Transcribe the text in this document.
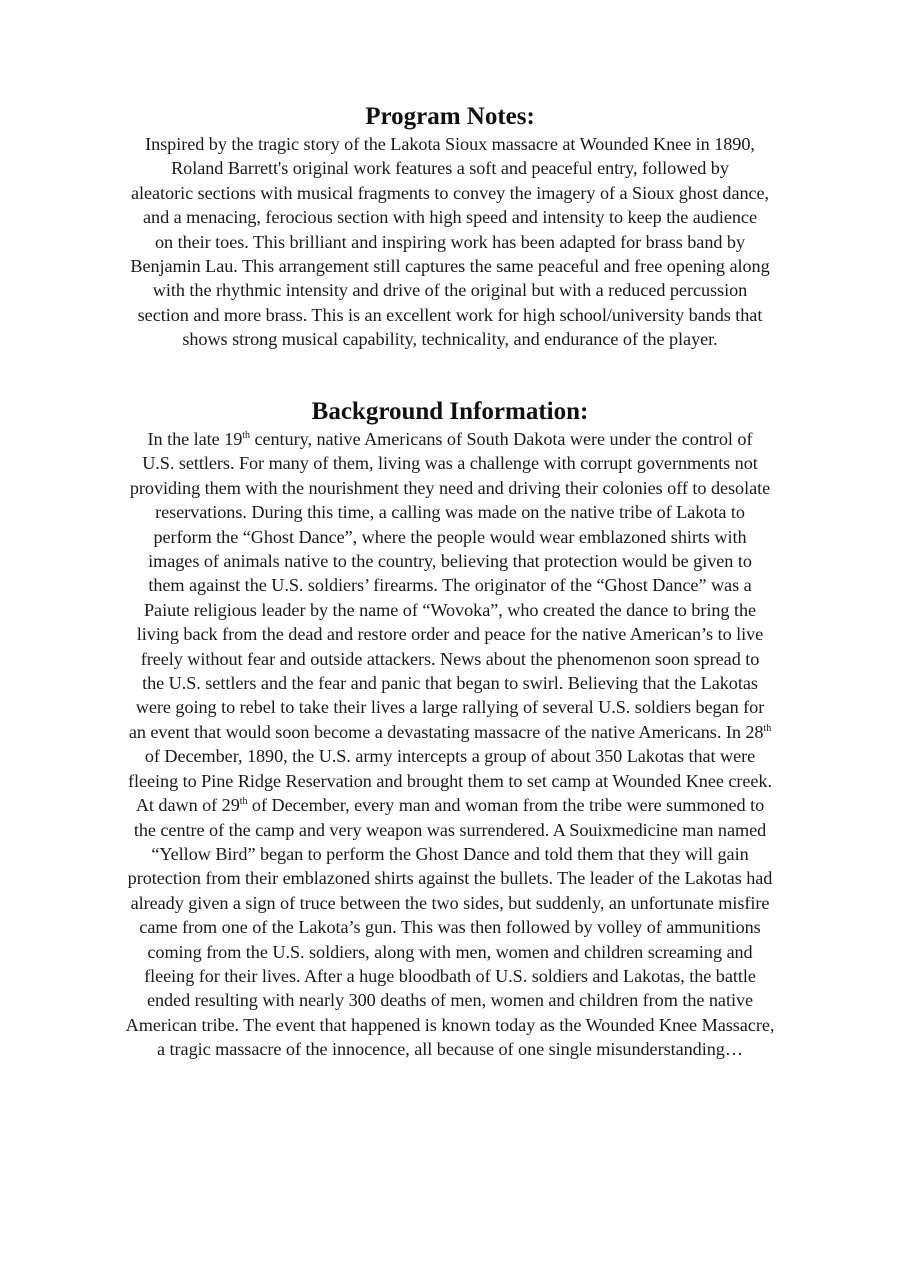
Program Notes:
Inspired by the tragic story of the Lakota Sioux massacre at Wounded Knee in 1890,
Roland Barrett's original work features a soft and peaceful entry, followed by
aleatoric sections with musical fragments to convey the imagery of a Sioux ghost dance,
and a menacing, ferocious section with high speed and intensity to keep the audience
on their toes. This brilliant and inspiring work has been adapted for brass band by
Benjamin Lau. This arrangement still captures the same peaceful and free opening along
with the rhythmic intensity and drive of the original but with a reduced percussion
section and more brass. This is an excellent work for high school/university bands that
shows strong musical capability, technicality, and endurance of the player.
Background Information:
In the late 19th century, native Americans of South Dakota were under the control of
U.S. settlers. For many of them, living was a challenge with corrupt governments not
providing them with the nourishment they need and driving their colonies off to desolate
reservations. During this time, a calling was made on the native tribe of Lakota to
perform the “Ghost Dance”, where the people would wear emblazoned shirts with
images of animals native to the country, believing that protection would be given to
them against the U.S. soldiers’ firearms. The originator of the “Ghost Dance” was a
Paiute religious leader by the name of “Wovoka”, who created the dance to bring the
living back from the dead and restore order and peace for the native American’s to live
freely without fear and outside attackers. News about the phenomenon soon spread to
the U.S. settlers and the fear and panic that began to swirl. Believing that the Lakotas
were going to rebel to take their lives a large rallying of several U.S. soldiers began for
an event that would soon become a devastating massacre of the native Americans. In 28th
of December, 1890, the U.S. army intercepts a group of about 350 Lakotas that were
fleeing to Pine Ridge Reservation and brought them to set camp at Wounded Knee creek.
At dawn of 29th of December, every man and woman from the tribe were summoned to
the centre of the camp and very weapon was surrendered. A Souixmedicine man named
“Yellow Bird” began to perform the Ghost Dance and told them that they will gain
protection from their emblazoned shirts against the bullets. The leader of the Lakotas had
already given a sign of truce between the two sides, but suddenly, an unfortunate misfire
came from one of the Lakota’s gun. This was then followed by volley of ammunitions
coming from the U.S. soldiers, along with men, women and children screaming and
fleeing for their lives. After a huge bloodbath of U.S. soldiers and Lakotas, the battle
ended resulting with nearly 300 deaths of men, women and children from the native
American tribe. The event that happened is known today as the Wounded Knee Massacre,
a tragic massacre of the innocence, all because of one single misunderstanding…
